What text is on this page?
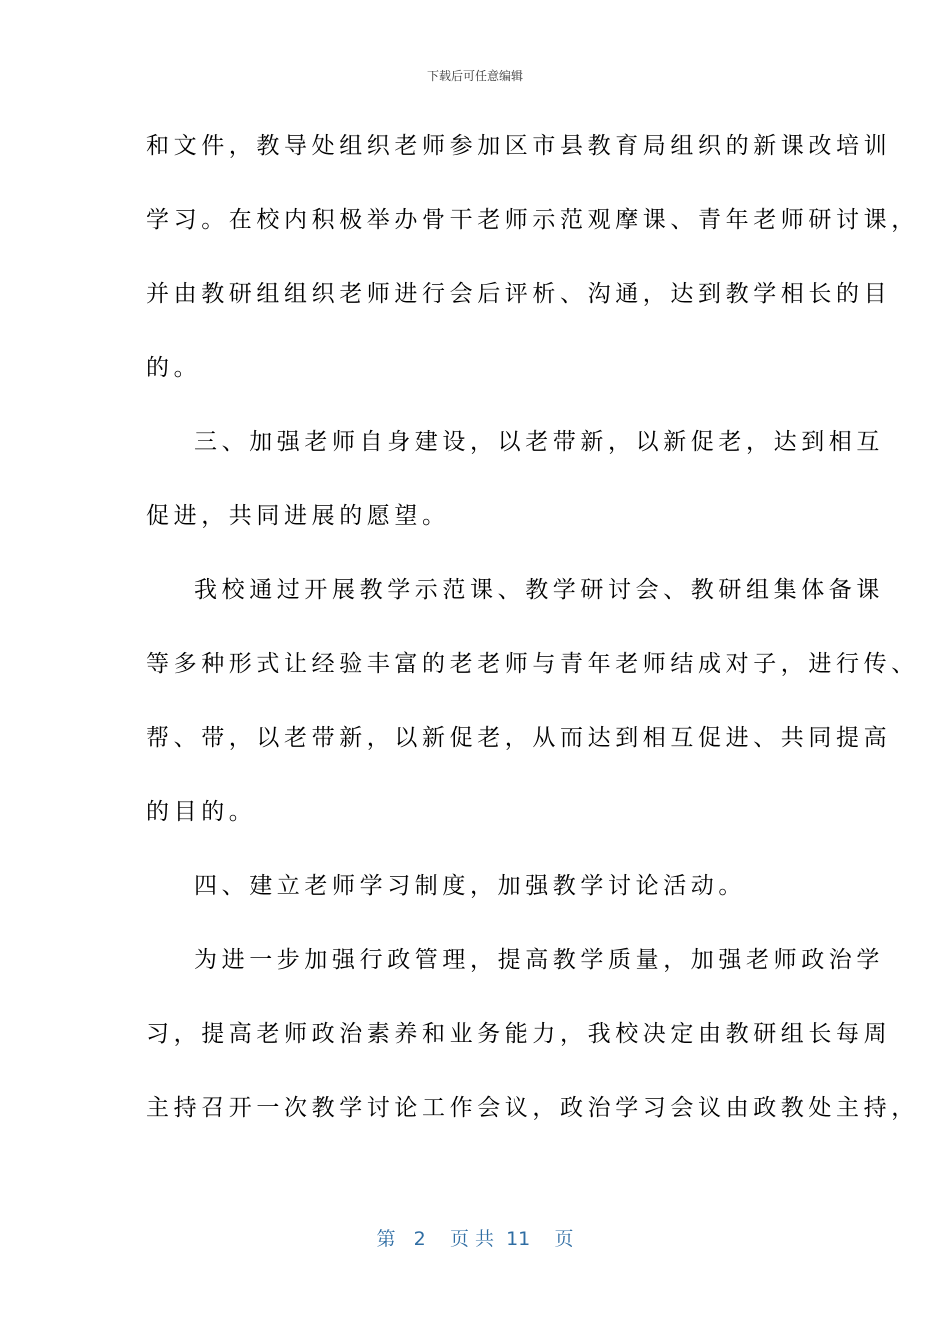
下载后可任意编辑
和文件，教导处组织老师参加区市县教育局组织的新课改培训
学习。在校内积极举办骨干老师示范观摩课、青年老师研讨课，
并由教研组组织老师进行会后评析、沟通，达到教学相长的目
的。
三、加强老师自身建设，以老带新，以新促老，达到相互
促进，共同进展的愿望。
我校通过开展教学示范课、教学研讨会、教研组集体备课
等多种形式让经验丰富的老老师与青年老师结成对子，进行传、
帮、带，以老带新，以新促老，从而达到相互促进、共同提高
的目的。
四、建立老师学习制度，加强教学讨论活动。
为进一步加强行政管理，提高教学质量，加强老师政治学
习，提高老师政治素养和业务能力，我校决定由教研组长每周
主持召开一次教学讨论工作会议，政治学习会议由政教处主持，
第 2 页 共 11 页
